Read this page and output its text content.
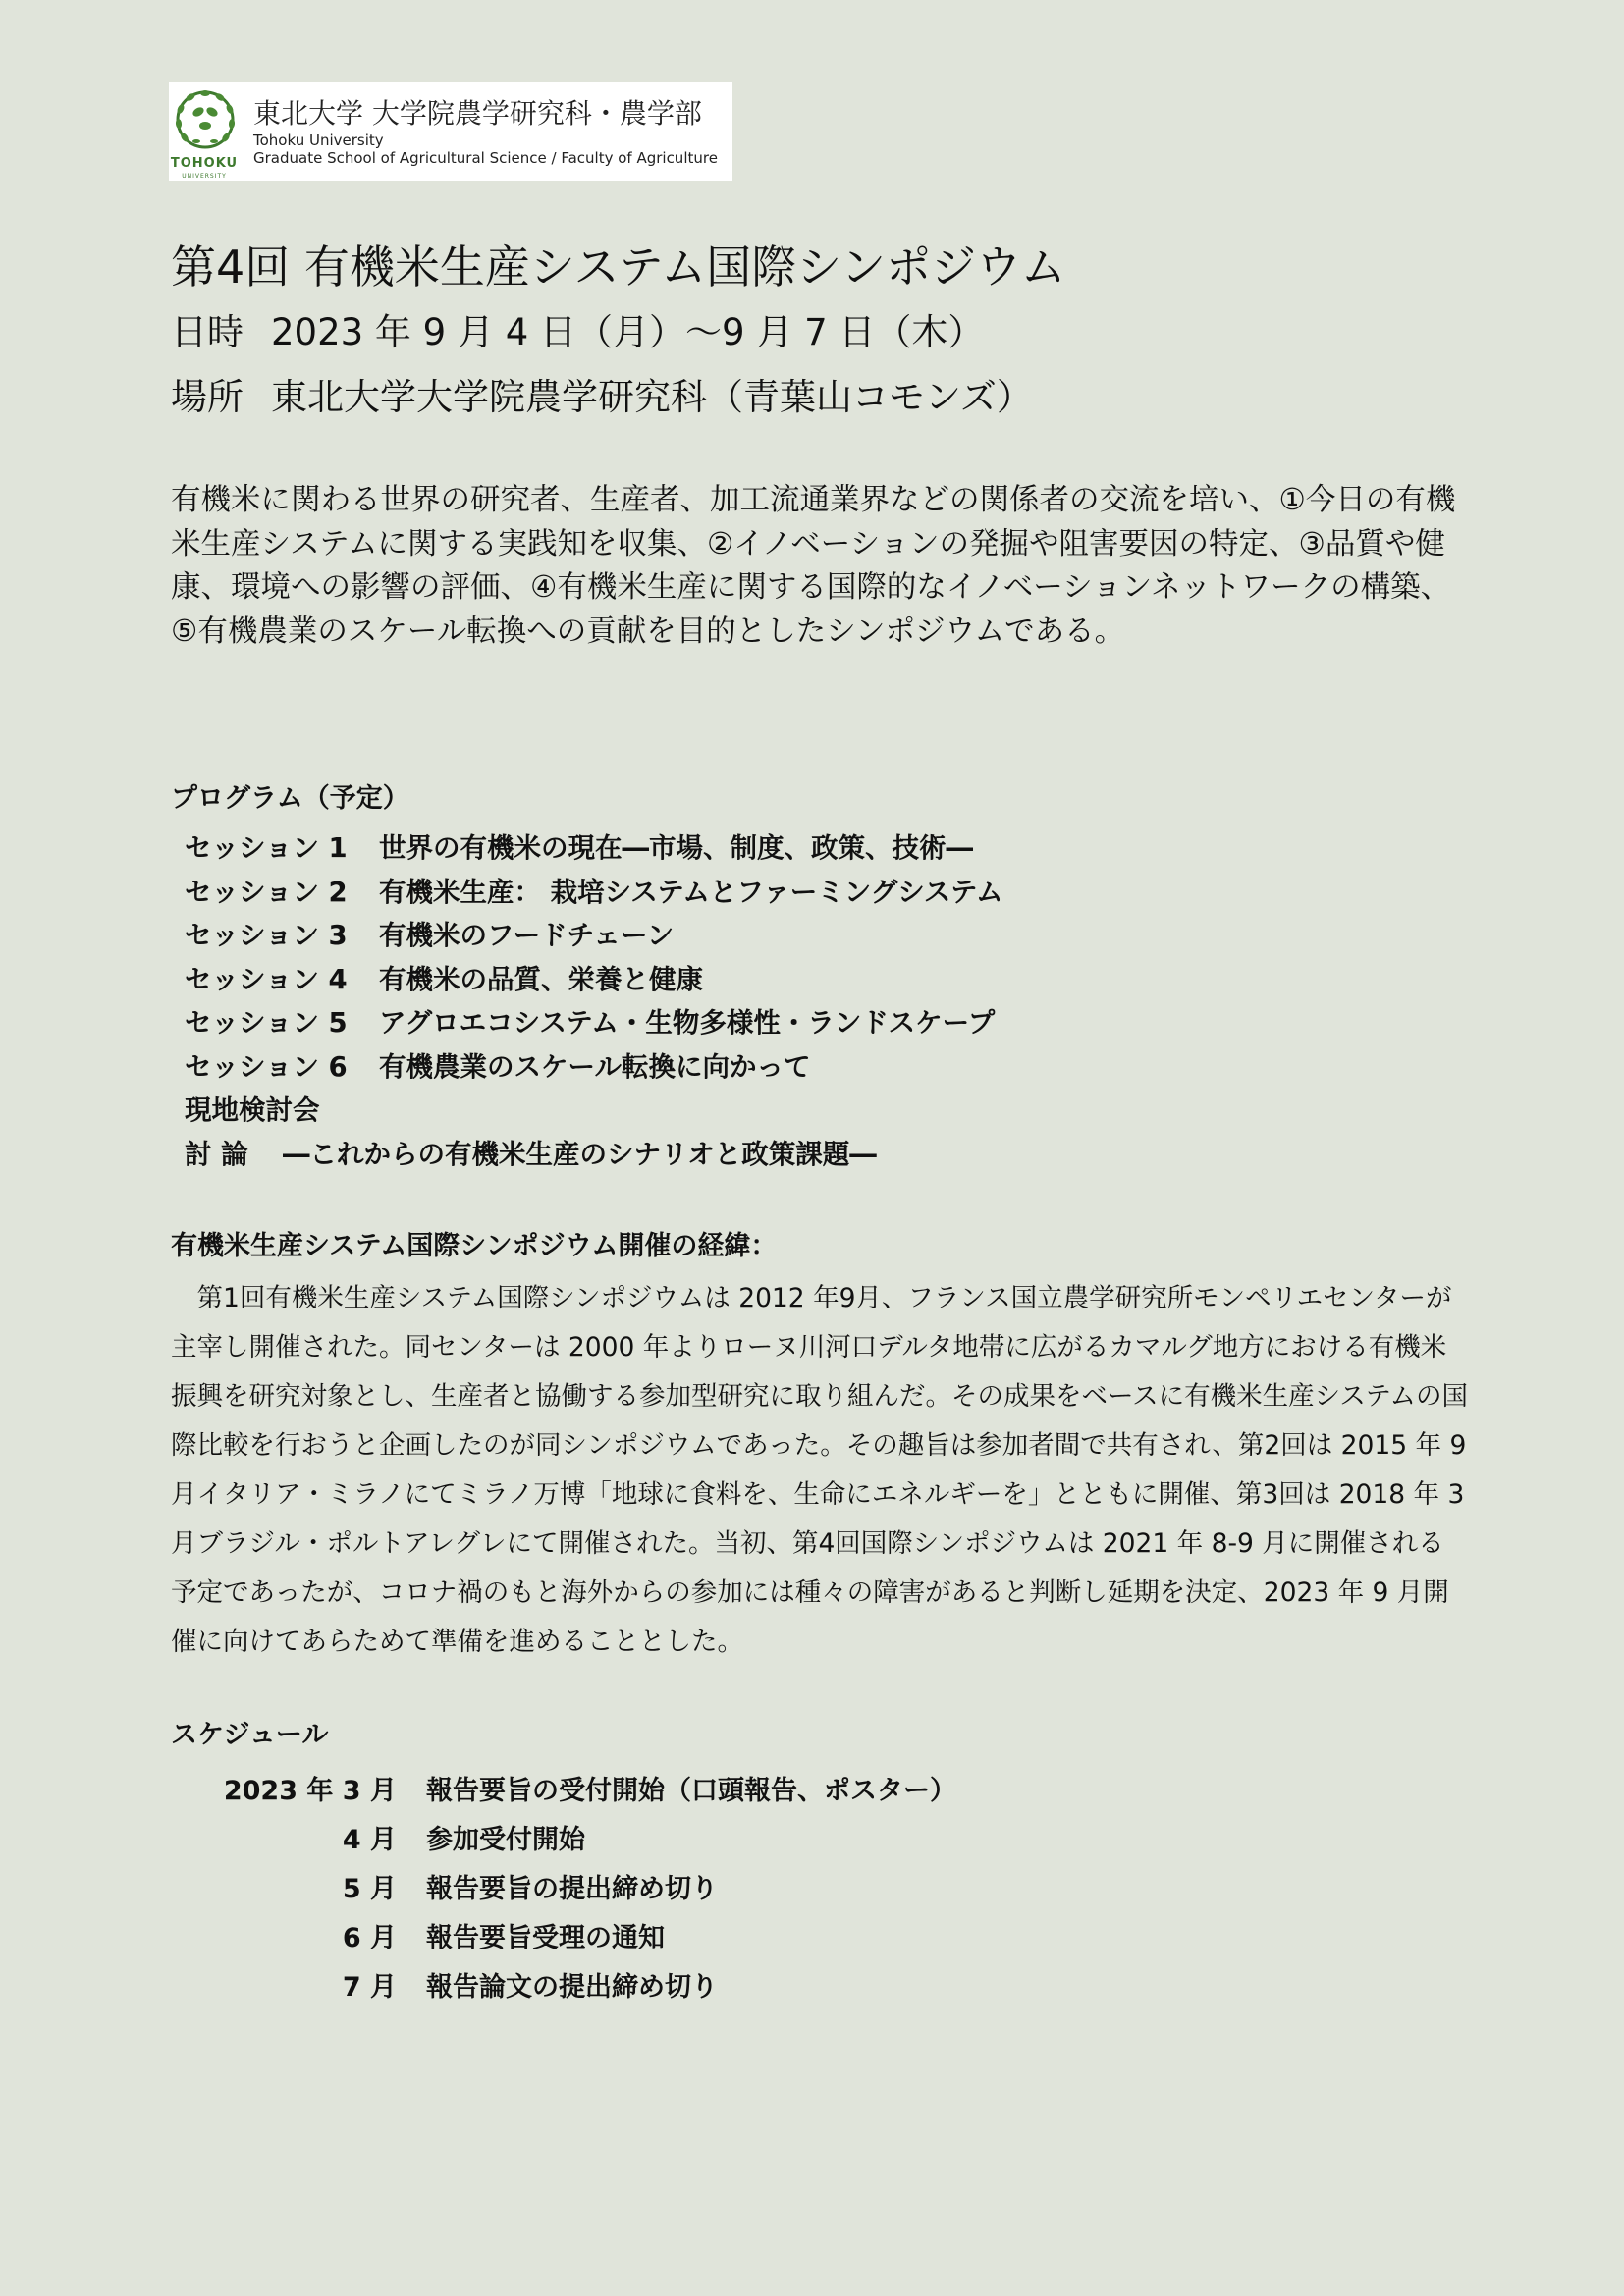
TOHOKU
UNIVERSITY
東北大学 大学院農学研究科・農学部
Tohoku University
Graduate School of Agricultural Science / Faculty of Agriculture
第4回 有機米生産システム国際シンポジウム
日時 2023 年 9 月 4 日（月）～9 月 7 日（木）
場所 東北大学大学院農学研究科（青葉山コモンズ）

有機米に関わる世界の研究者、生産者、加工流通業界などの関係者の交流を培い、①今日の有機米生産システムに関する実践知を収集、②イノベーションの発掘や阻害要因の特定、③品質や健康、環境への影響の評価、④有機米生産に関する国際的なイノベーションネットワークの構築、⑤有機農業のスケール転換への貢献を目的としたシンポジウムである。

プログラム（予定）
セッション 1	世界の有機米の現在―市場、制度、政策、技術―
セッション 2	有機米生産： 栽培システムとファーミングシステム
セッション 3	有機米のフードチェーン
セッション 4	有機米の品質、栄養と健康
セッション 5	アグロエコシステム・生物多様性・ランドスケープ
セッション 6	有機農業のスケール転換に向かって
現地検討会
討 論	―これからの有機米生産のシナリオと政策課題―
有機米生産システム国際シンポジウム開催の経緯：

　第1回有機米生産システム国際シンポジウムは 2012 年9月、フランス国立農学研究所モンペリエセンターが主宰し開催された。同センターは 2000 年よりローヌ川河口デルタ地帯に広がるカマルグ地方における有機米振興を研究対象とし、生産者と協働する参加型研究に取り組んだ。その成果をベースに有機米生産システムの国際比較を行おうと企画したのが同シンポジウムであった。その趣旨は参加者間で共有され、第2回は 2015 年 9 月イタリア・ミラノにてミラノ万博「地球に食料を、生命にエネルギーを」とともに開催、第3回は 2018 年 3 月ブラジル・ポルトアレグレにて開催された。当初、第4回国際シンポジウムは 2021 年 8-9 月に開催される予定であったが、コロナ禍のもと海外からの参加には種々の障害があると判断し延期を決定、2023 年 9 月開催に向けてあらためて準備を進めることとした。

スケジュール
2023 年 3 月 報告要旨の受付開始（口頭報告、ポスター）
4 月 参加受付開始
5 月 報告要旨の提出締め切り
6 月 報告要旨受理の通知
7 月 報告論文の提出締め切り
